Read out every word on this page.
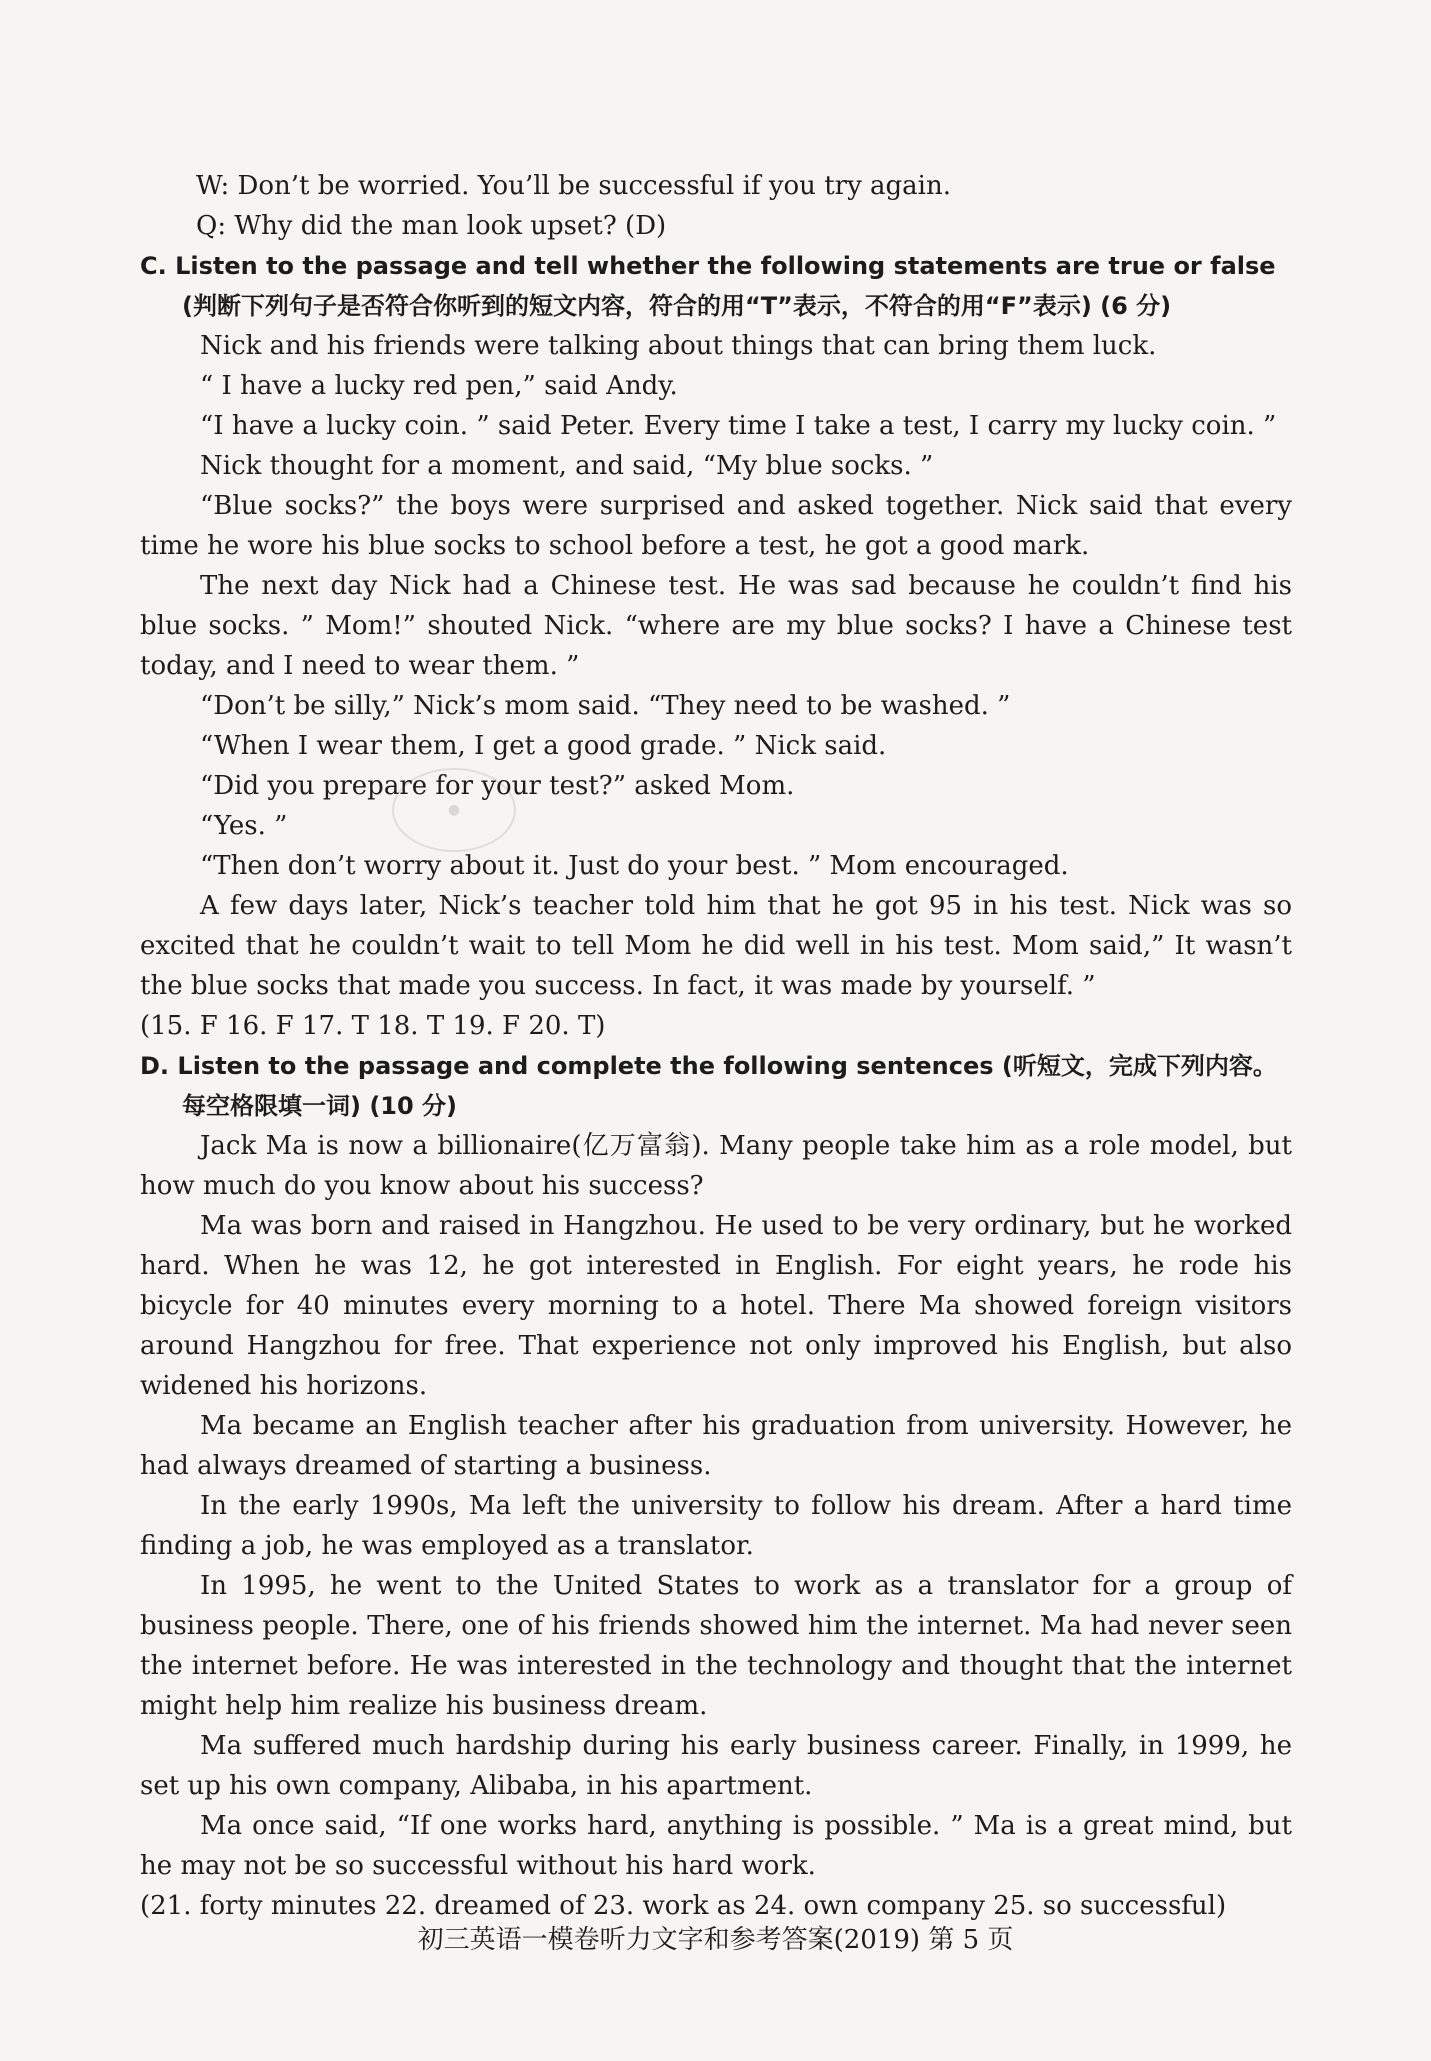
●

W: Don’t be worried. You’ll be successful if you try again.

Q: Why did the man look upset? (D)

C. Listen to the passage and tell whether the following statements are true or false (判断下列句子是否符合你听到的短文内容，符合的用“T”表示，不符合的用“F”表示) (6 分)

Nick and his friends were talking about things that can bring them luck.

“ I have a lucky red pen,” said Andy.

“I have a lucky coin. ” said Peter. Every time I take a test, I carry my lucky coin. ”

Nick thought for a moment, and said, “My blue socks. ”

“Blue socks?” the boys were surprised and asked together. Nick said that every time he wore his blue socks to school before a test, he got a good mark.

The next day Nick had a Chinese test. He was sad because he couldn’t find his blue socks. ” Mom!” shouted Nick. “where are my blue socks? I have a Chinese test today, and I need to wear them. ”

“Don’t be silly,” Nick’s mom said. “They need to be washed. ”

“When I wear them, I get a good grade. ” Nick said.

“Did you prepare for your test?” asked Mom.

“Yes. ”

“Then don’t worry about it. Just do your best. ” Mom encouraged.

A few days later, Nick’s teacher told him that he got 95 in his test. Nick was so excited that he couldn’t wait to tell Mom he did well in his test. Mom said,” It wasn’t the blue socks that made you success. In fact, it was made by yourself. ”

(15. F 16. F 17. T 18. T 19. F 20. T)

D. Listen to the passage and complete the following sentences (听短文，完成下列内容。每空格限填一词) (10 分)

Jack Ma is now a billionaire(亿万富翁). Many people take him as a role model, but how much do you know about his success?

Ma was born and raised in Hangzhou. He used to be very ordinary, but he worked hard. When he was 12, he got interested in English. For eight years, he rode his bicycle for 40 minutes every morning to a hotel. There Ma showed foreign visitors around Hangzhou for free. That experience not only improved his English, but also widened his horizons.

Ma became an English teacher after his graduation from university. However, he had always dreamed of starting a business.

In the early 1990s, Ma left the university to follow his dream. After a hard time finding a job, he was employed as a translator.

In 1995, he went to the United States to work as a translator for a group of business people. There, one of his friends showed him the internet. Ma had never seen the internet before. He was interested in the technology and thought that the internet might help him realize his business dream.

Ma suffered much hardship during his early business career. Finally, in 1999, he set up his own company, Alibaba, in his apartment.

Ma once said, “If one works hard, anything is possible. ” Ma is a great mind, but he may not be so successful without his hard work.

(21. forty minutes 22. dreamed of 23. work as 24. own company 25. so successful)

初三英语一模卷听力文字和参考答案(2019) 第 5 页
